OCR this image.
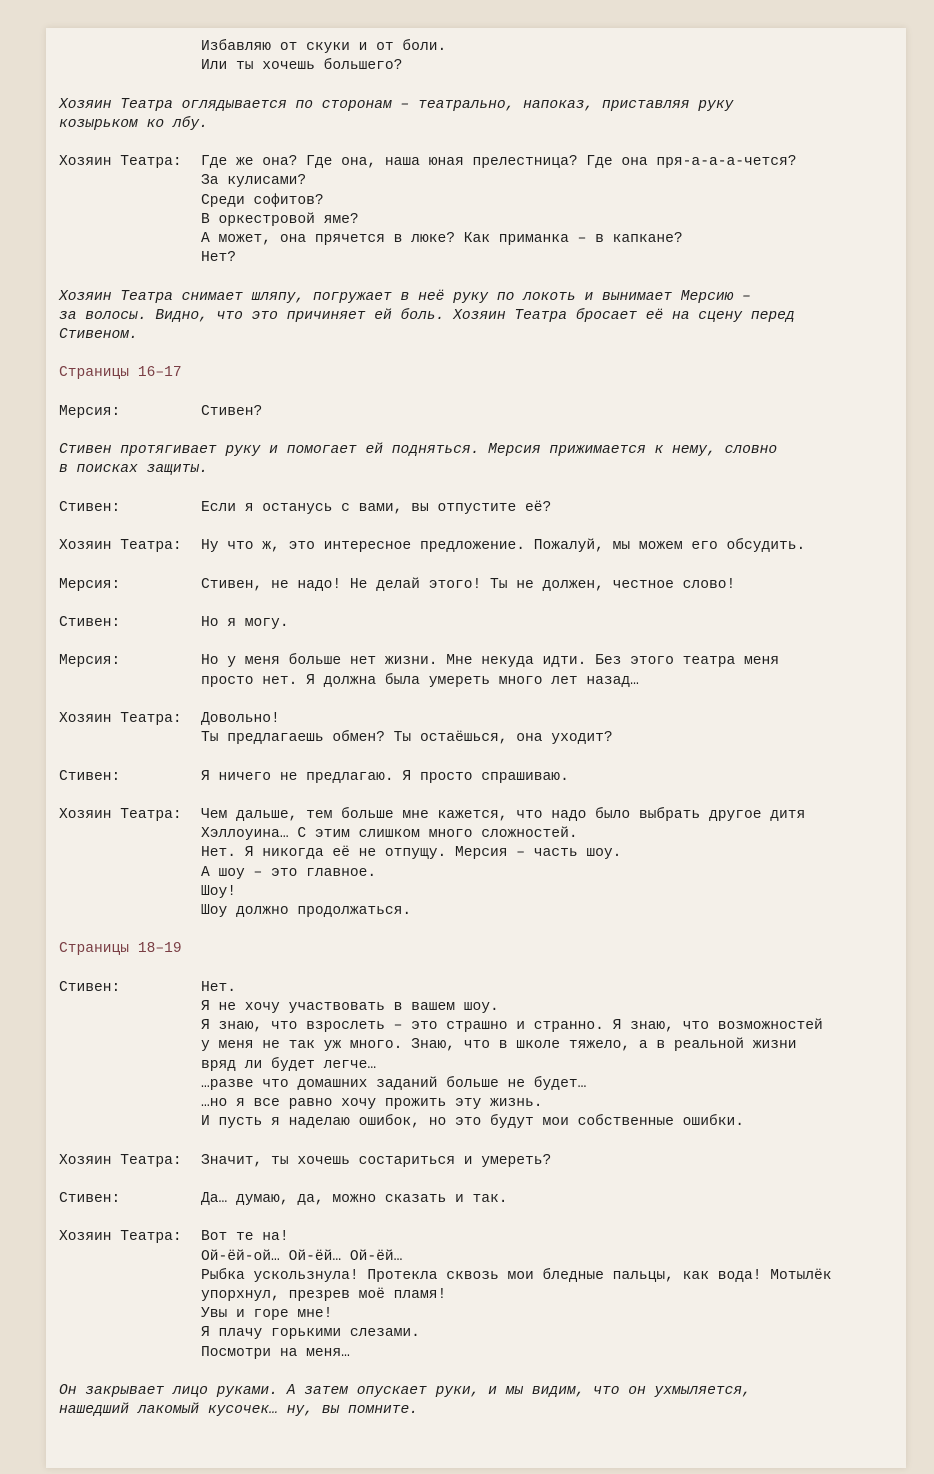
Избавляю от скуки и от боли.
Или ты хочешь большего?
Хозяин Театра оглядывается по сторонам – театрально, напоказ, приставляя руку
козырьком ко лбу.
Хозяин Театра:	Где же она? Где она, наша юная прелестница? Где она пря-а-а-а-чется?
За кулисами?
Среди софитов?
В оркестровой яме?
А может, она прячется в люке? Как приманка – в капкане?
Нет?
Хозяин Театра снимает шляпу, погружает в неё руку по локоть и вынимает Мерсию –
за волосы. Видно, что это причиняет ей боль. Хозяин Театра бросает её на сцену перед
Стивеном.
Страницы 16–17
Мерсия:	Стивен?
Стивен протягивает руку и помогает ей подняться. Мерсия прижимается к нему, словно
в поисках защиты.
Стивен:	Если я останусь с вами, вы отпустите её?
Хозяин Театра:	Ну что ж, это интересное предложение. Пожалуй, мы можем его обсудить.
Мерсия:	Стивен, не надо! Не делай этого! Ты не должен, честное слово!
Стивен:	Но я могу.
Мерсия:	Но у меня больше нет жизни. Мне некуда идти. Без этого театра меня
просто нет. Я должна была умереть много лет назад…
Хозяин Театра:	Довольно!
Ты предлагаешь обмен? Ты остаёшься, она уходит?
Стивен:	Я ничего не предлагаю. Я просто спрашиваю.
Хозяин Театра:	Чем дальше, тем больше мне кажется, что надо было выбрать другое дитя
Хэллоуина… С этим слишком много сложностей.
Нет. Я никогда её не отпущу. Мерсия – часть шоу.
А шоу – это главное.
Шоу!
Шоу должно продолжаться.
Страницы 18–19
Стивен:	Нет.
Я не хочу участвовать в вашем шоу.
Я знаю, что взрослеть – это страшно и странно. Я знаю, что возможностей
у меня не так уж много. Знаю, что в школе тяжело, а в реальной жизни
вряд ли будет легче…
…разве что домашних заданий больше не будет…
…но я все равно хочу прожить эту жизнь.
И пусть я наделаю ошибок, но это будут мои собственные ошибки.
Хозяин Театра:	Значит, ты хочешь состариться и умереть?
Стивен:	Да… думаю, да, можно сказать и так.
Хозяин Театра:	Вот те на!
Ой-ёй-ой… Ой-ёй… Ой-ёй…
Рыбка ускользнула! Протекла сквозь мои бледные пальцы, как вода! Мотылёк
упорхнул, презрев моё пламя!
Увы и горе мне!
Я плачу горькими слезами.
Посмотри на меня…
Он закрывает лицо руками. А затем опускает руки, и мы видим, что он ухмыляется,
нашедший лакомый кусочек… ну, вы помните.
